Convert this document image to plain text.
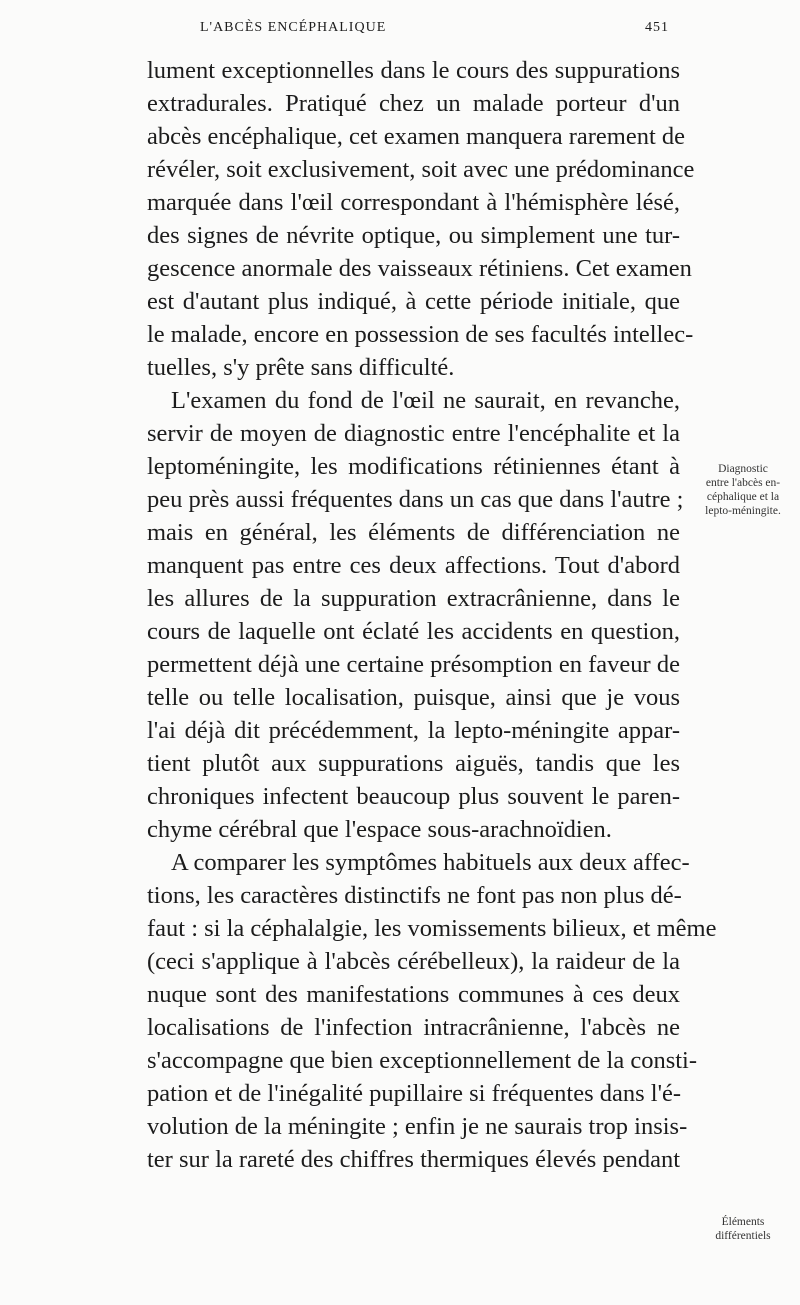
L'ABCÈS ENCÉPHALIQUE	451

lument exceptionnelles dans le cours des suppurations
extradurales. Pratiqué chez un malade porteur d'un
abcès encéphalique, cet examen manquera rarement de
révéler, soit exclusivement, soit avec une prédominance
marquée dans l'œil correspondant à l'hémisphère lésé,
des signes de névrite optique, ou simplement une tur-
gescence anormale des vaisseaux rétiniens. Cet examen
est d'autant plus indiqué, à cette période initiale, que
le malade, encore en possession de ses facultés intellec-
tuelles, s'y prête sans difficulté.

L'examen du fond de l'œil ne saurait, en revanche,
servir de moyen de diagnostic entre l'encéphalite et la
leptoméningite, les modifications rétiniennes étant à
peu près aussi fréquentes dans un cas que dans l'autre ;
mais en général, les éléments de différenciation ne
manquent pas entre ces deux affections. Tout d'abord
les allures de la suppuration extracrânienne, dans le
cours de laquelle ont éclaté les accidents en question,
permettent déjà une certaine présomption en faveur de
telle ou telle localisation, puisque, ainsi que je vous
l'ai déjà dit précédemment, la lepto-méningite appar-
tient plutôt aux suppurations aiguës, tandis que les
chroniques infectent beaucoup plus souvent le paren-
chyme cérébral que l'espace sous-arachnoïdien.

A comparer les symptômes habituels aux deux affec-
tions, les caractères distinctifs ne font pas non plus dé-
faut : si la céphalalgie, les vomissements bilieux, et même
(ceci s'applique à l'abcès cérébelleux), la raideur de la
nuque sont des manifestations communes à ces deux
localisations de l'infection intracrânienne, l'abcès ne
s'accompagne que bien exceptionnellement de la consti-
pation et de l'inégalité pupillaire si fréquentes dans l'é-
volution de la méningite ; enfin je ne saurais trop insis-
ter sur la rareté des chiffres thermiques élevés pendant

Diagnostic
entre l'abcès en-
céphalique et la
lepto-méningite.
Éléments
différentiels
